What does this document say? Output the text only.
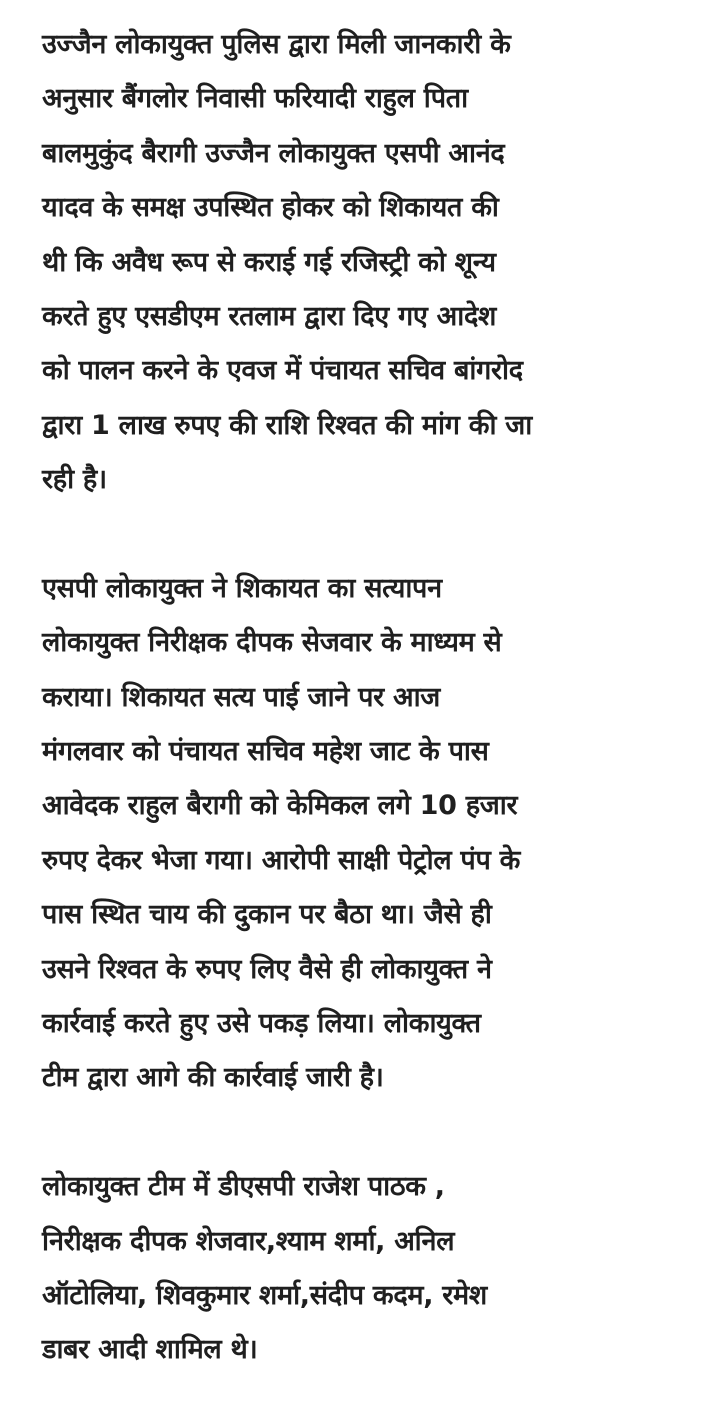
उज्जैन लोकायुक्त पुलिस द्वारा मिली जानकारी के
अनुसार बैंगलोर निवासी फरियादी राहुल पिता
बालमुकुंद बैरागी उज्जैन लोकायुक्त एसपी आनंद
यादव के समक्ष उपस्थित होकर को शिकायत की
थी कि अवैध रूप से कराई गई रजिस्ट्री को शून्य
करते हुए एसडीएम रतलाम द्वारा दिए गए आदेश
को पालन करने के एवज में पंचायत सचिव बांगरोद
द्वारा 1 लाख रुपए की राशि रिश्वत की मांग की जा
रही है।

एसपी लोकायुक्त ने शिकायत का सत्यापन
लोकायुक्त निरीक्षक दीपक सेजवार के माध्यम से
कराया। शिकायत सत्य पाई जाने पर आज
मंगलवार को पंचायत सचिव महेश जाट के पास
आवेदक राहुल बैरागी को केमिकल लगे 10 हजार
रुपए देकर भेजा गया। आरोपी साक्षी पेट्रोल पंप के
पास स्थित चाय की दुकान पर बैठा था। जैसे ही
उसने रिश्वत के रुपए लिए वैसे ही लोकायुक्त ने
कार्रवाई करते हुए उसे पकड़ लिया। लोकायुक्त
टीम द्वारा आगे की कार्रवाई जारी है।

लोकायुक्त टीम में डीएसपी राजेश पाठक ,
निरीक्षक दीपक शेजवार,श्याम शर्मा, अनिल
ऑटोलिया, शिवकुमार शर्मा,संदीप कदम, रमेश
डाबर आदी शामिल थे।
